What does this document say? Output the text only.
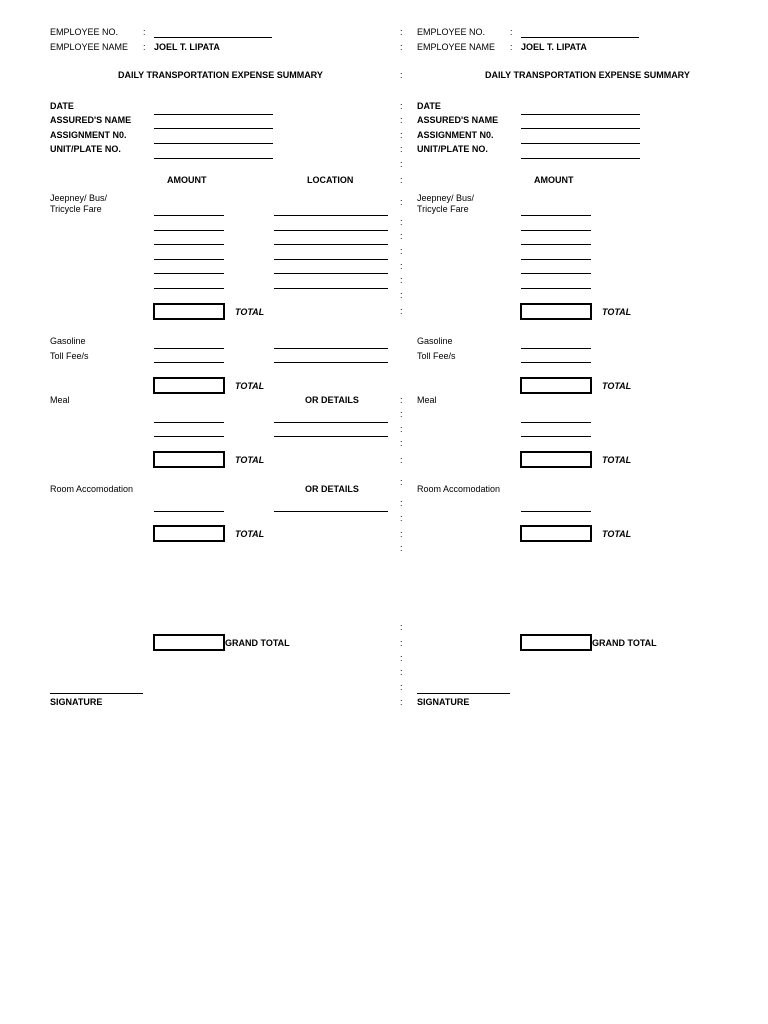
EMPLOYEE NO.	:
EMPLOYEE NAME : JOEL T. LIPATA
DAILY TRANSPORTATION EXPENSE SUMMARY
DATE
ASSURED'S NAME
ASSIGNMENT N0.
UNIT/PLATE NO.
AMOUNT	LOCATION
Jeepney/ Bus/
Tricycle Fare
TOTAL
Gasoline
Toll Fee/s
TOTAL
Meal	OR DETAILS
TOTAL
Room Accomodation	OR DETAILS
TOTAL
GRAND TOTAL
SIGNATURE
EMPLOYEE NO.	:
EMPLOYEE NAME : JOEL T. LIPATA
DAILY TRANSPORTATION EXPENSE SUMMARY
DATE
ASSURED'S NAME
ASSIGNMENT N0.
UNIT/PLATE NO.
AMOUNT
Jeepney/ Bus/
Tricycle Fare
TOTAL
Gasoline
Toll Fee/s
TOTAL
Meal
TOTAL
Room Accomodation
TOTAL
GRAND TOTAL
SIGNATURE
:
:
:
:
:
:
:
:
:
:
:
:
:
:
:
:
:
:
:
:
:
:
:
:
:
:
:
:
:
:
:
:
:
